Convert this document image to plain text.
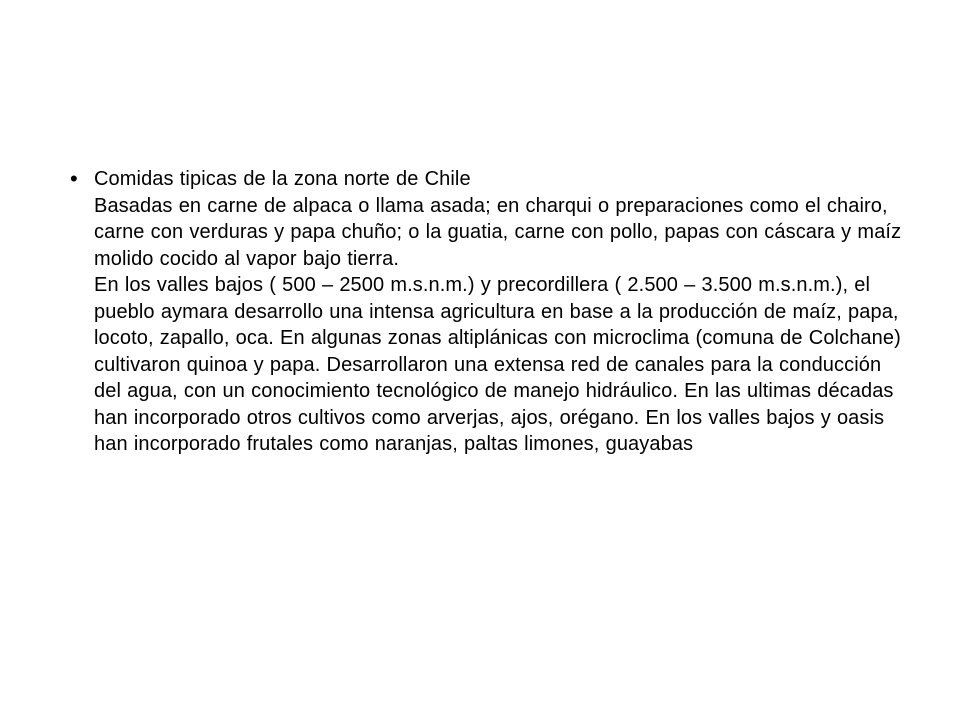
• Comidas tipicas de la zona norte de Chile

Basadas en carne de alpaca o llama asada; en charqui o preparaciones como el chairo, carne con verduras y papa chuño; o la guatia, carne con pollo, papas con cáscara y maíz molido cocido al vapor bajo tierra.

En los valles bajos ( 500 – 2500 m.s.n.m.) y precordillera ( 2.500 – 3.500 m.s.n.m.), el pueblo aymara desarrollo una intensa agricultura en base a la producción de maíz, papa, locoto, zapallo, oca. En algunas zonas altiplánicas con microclima (comuna de Colchane) cultivaron quinoa y papa. Desarrollaron una extensa red de canales para la conducción del agua, con un conocimiento tecnológico de manejo hidráulico. En las ultimas décadas han incorporado otros cultivos como arverjas, ajos, orégano. En los valles bajos y oasis han incorporado frutales como naranjas, paltas limones, guayabas
